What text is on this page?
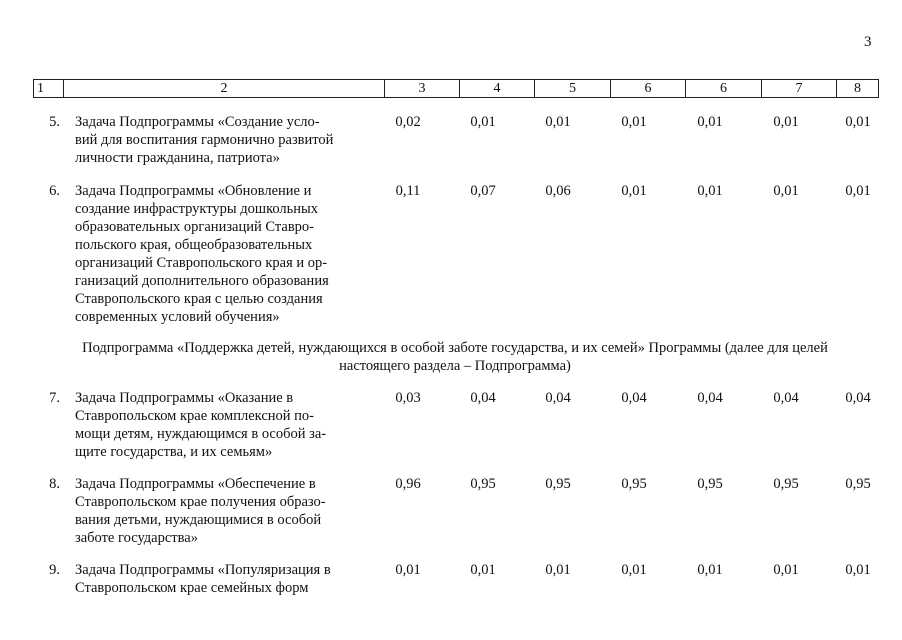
3
1	2	3	4	5	6	6	7	8
5. Задача Подпрограммы «Создание усло-
вий для воспитания гармонично развитой
личности гражданина, патриота»
0,02	0,01	0,01	0,01	0,01	0,01	0,01
6. Задача Подпрограммы «Обновление и
создание инфраструктуры дошкольных
образовательных организаций Ставро-
польского края, общеобразовательных
организаций Ставропольского края и ор-
ганизаций дополнительного образования
Ставропольского края с целью создания
современных условий обучения»
0,11	0,07	0,06	0,01	0,01	0,01	0,01
Подпрограмма «Поддержка детей, нуждающихся в особой заботе государства, и их семей» Программы (далее для целей
настоящего раздела – Подпрограмма)
7. Задача Подпрограммы «Оказание в
Ставропольском крае комплексной по-
мощи детям, нуждающимся в особой за-
щите государства, и их семьям»
0,03	0,04	0,04	0,04	0,04	0,04	0,04
8. Задача Подпрограммы «Обеспечение в
Ставропольском крае получения образо-
вания детьми, нуждающимися в особой
заботе государства»
0,96	0,95	0,95	0,95	0,95	0,95	0,95
9. Задача Подпрограммы «Популяризация в
Ставропольском крае семейных форм
0,01	0,01	0,01	0,01	0,01	0,01	0,01
